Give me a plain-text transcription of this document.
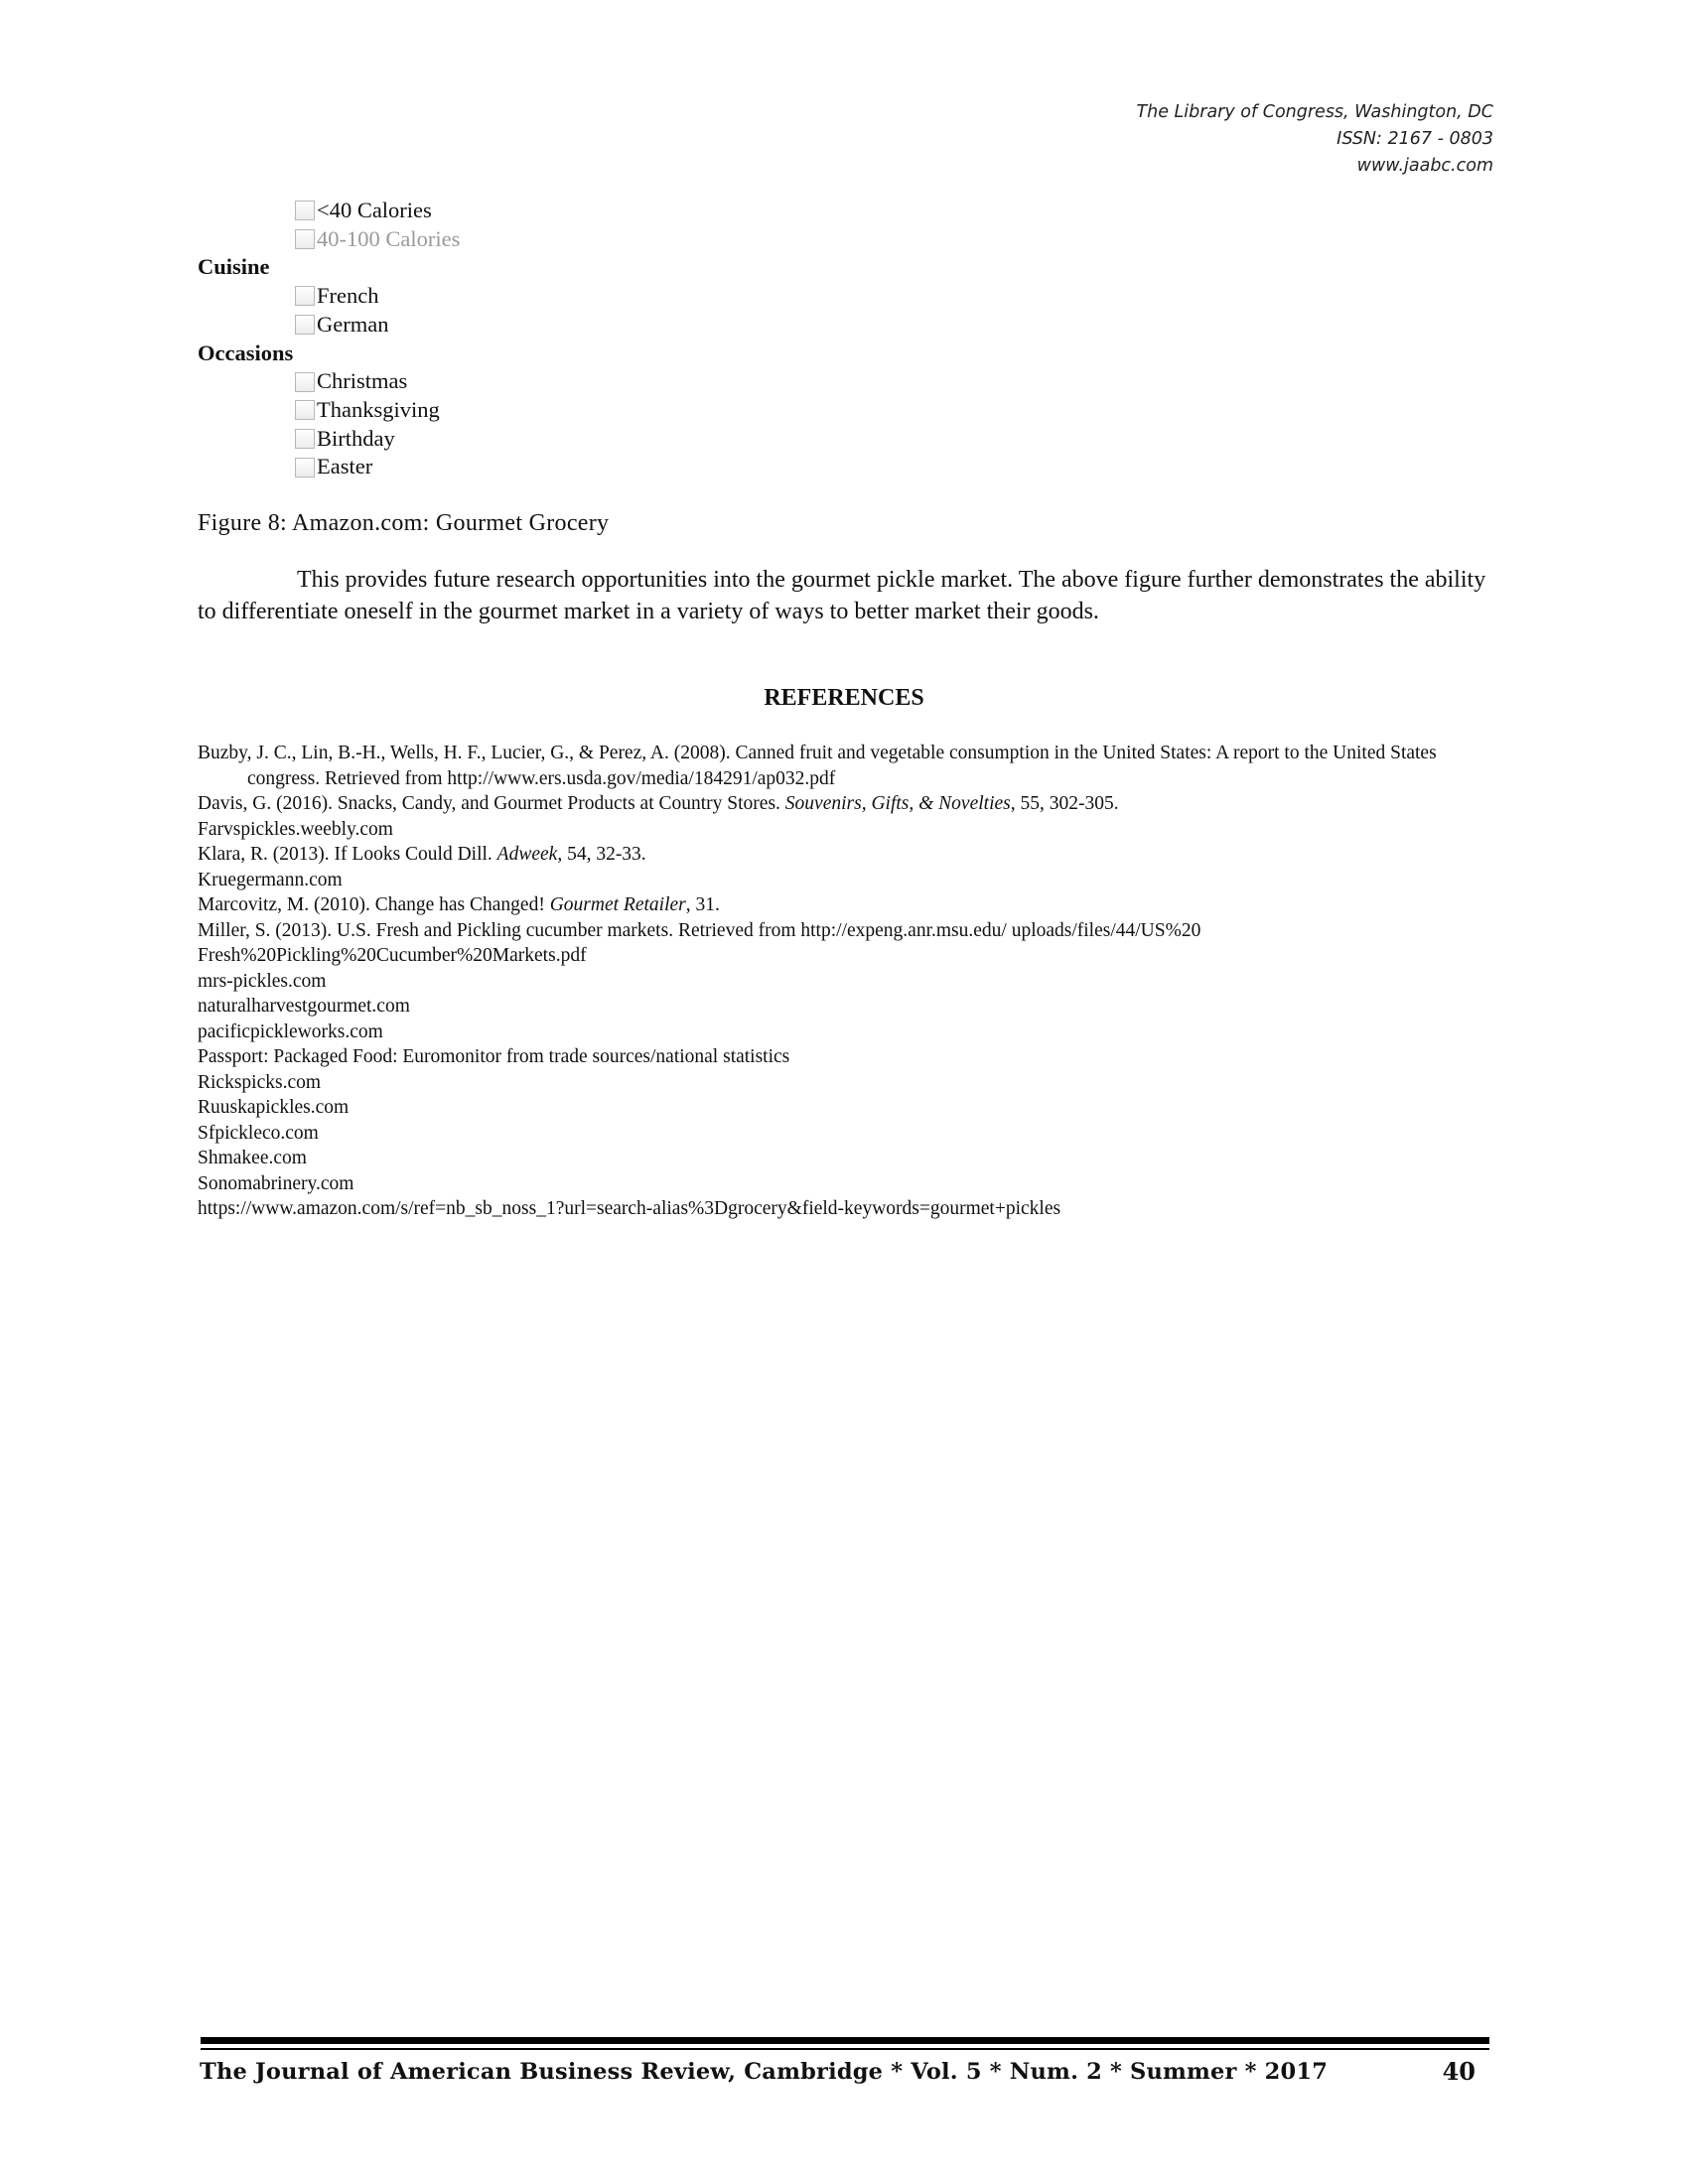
The Library of Congress, Washington, DC
ISSN: 2167 - 0803
www.jaabc.com
<40 Calories
40-100 Calories
Cuisine
French
German
Occasions
Christmas
Thanksgiving
Birthday
Easter
Figure 8: Amazon.com: Gourmet Grocery

This provides future research opportunities into the gourmet pickle market. The above figure further demonstrates the ability to differentiate oneself in the gourmet market in a variety of ways to better market their goods.

REFERENCES
Buzby, J. C., Lin, B.-H., Wells, H. F., Lucier, G., & Perez, A. (2008). Canned fruit and vegetable consumption in the United States: A report to the United States congress. Retrieved from http://www.ers.usda.gov/media/184291/ap032.pdf
Davis, G. (2016). Snacks, Candy, and Gourmet Products at Country Stores. Souvenirs, Gifts, & Novelties, 55, 302-305.
Farvspickles.weebly.com
Klara, R. (2013). If Looks Could Dill. Adweek, 54, 32-33.
Kruegermann.com
Marcovitz, M. (2010). Change has Changed! Gourmet Retailer, 31.
Miller, S. (2013). U.S. Fresh and Pickling cucumber markets. Retrieved from http://expeng.anr.msu.edu/ uploads/files/44/US%20
Fresh%20Pickling%20Cucumber%20Markets.pdf
mrs-pickles.com
naturalharvestgourmet.com
pacificpickleworks.com
Passport: Packaged Food: Euromonitor from trade sources/national statistics
Rickspicks.com
Ruuskapickles.com
Sfpickleco.com
Shmakee.com
Sonomabrinery.com
https://www.amazon.com/s/ref=nb_sb_noss_1?url=search-alias%3Dgrocery&field-keywords=gourmet+pickles
The Journal of American Business Review, Cambridge * Vol. 5 * Num. 2 * Summer * 2017	40
